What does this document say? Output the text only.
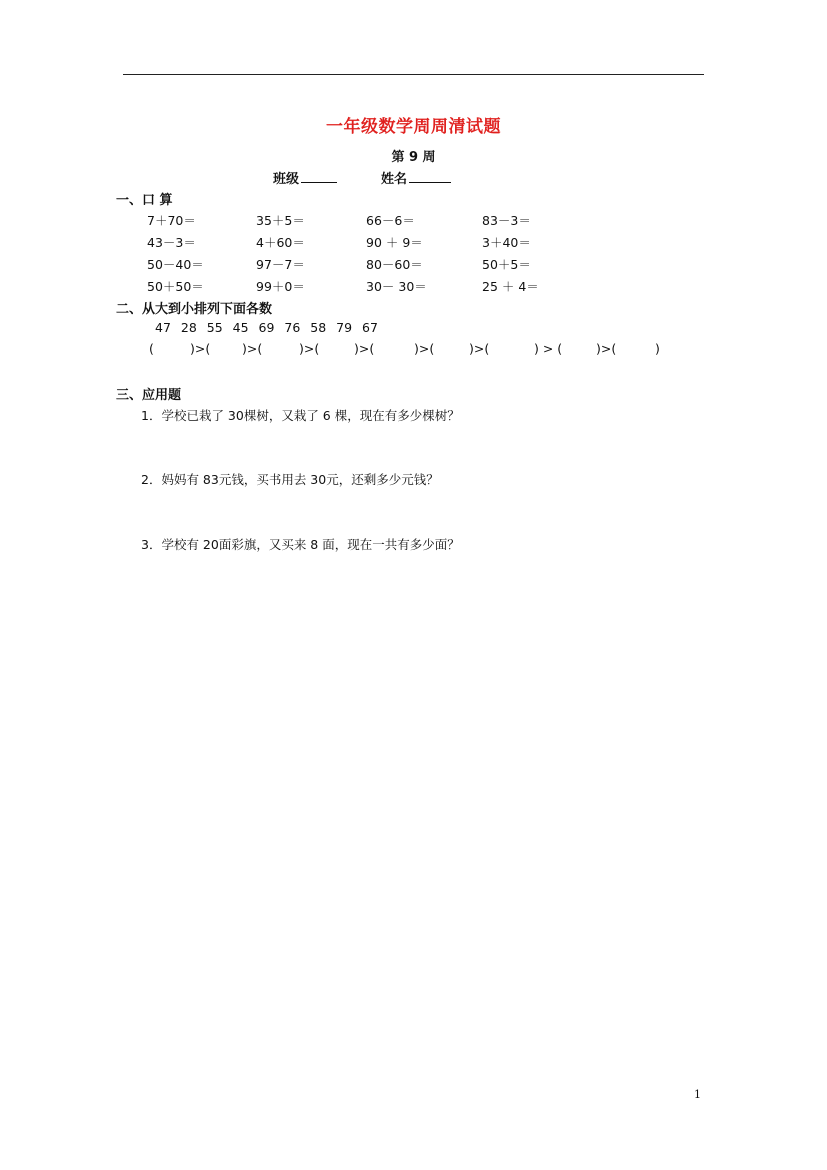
一年级数学周周清试题
第 9 周
班级	姓名
一、口 算
7＋70＝	35＋5＝	66－6＝	83－3＝
43－3＝	4＋60＝	90 ＋ 9＝	3＋40＝
50－40＝	97－7＝	80－60＝	50＋5＝
50＋50＝	99＋0＝	30－ 30＝	25 ＋ 4＝
二、从大到小排列下面各数
47 28 55 45 69 76 58 79 67
(	)>(	)>(	)>(	)>(	)>(	)>(	) > (	)>(	)
三、应用题
1．学校已栽了 30棵树，又栽了 6 棵，现在有多少棵树？
2．妈妈有 83元钱，买书用去 30元，还剩多少元钱？
3．学校有 20面彩旗，又买来 8 面，现在一共有多少面？
1
